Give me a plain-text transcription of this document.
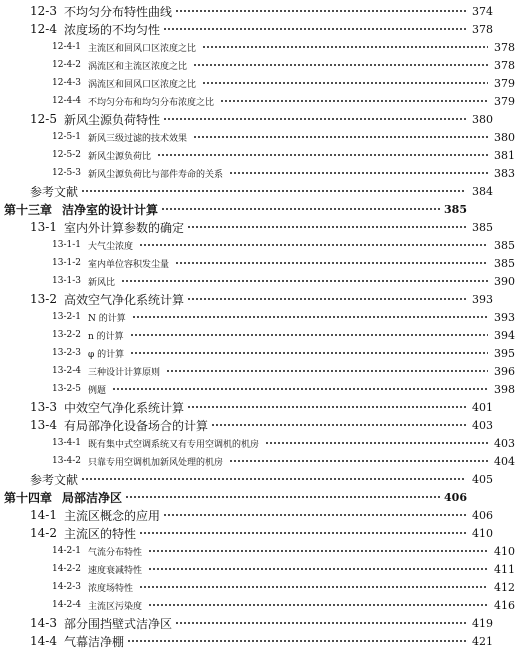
12-3 不均匀分布特性曲线	374
12-4 浓度场的不均匀性	378
12-4-1 主流区和回风口区浓度之比	378
12-4-2 涡流区和主流区浓度之比	378
12-4-3 涡流区和回风口区浓度之比	379
12-4-4 不均匀分布和均匀分布浓度之比	379
12-5 新风尘源负荷特性	380
12-5-1 新风三级过滤的技术效果	380
12-5-2 新风尘源负荷比	381
12-5-3 新风尘源负荷比与部件寿命的关系	383
参考文献	384
第十三章 洁净室的设计计算	385
13-1 室内外计算参数的确定	385
13-1-1 大气尘浓度	385
13-1-2 室内单位容积发尘量	385
13-1-3 新风比	390
13-2 高效空气净化系统计算	393
13-2-1 N 的计算	393
13-2-2 n 的计算	394
13-2-3 φ 的计算	395
13-2-4 三种设计计算原则	396
13-2-5 例题	398
13-3 中效空气净化系统计算	401
13-4 有局部净化设备场合的计算	403
13-4-1 既有集中式空调系统又有专用空调机的机房	403
13-4-2 只靠专用空调机加新风处理的机房	404
参考文献	405
第十四章 局部洁净区	406
14-1 主流区概念的应用	406
14-2 主流区的特性	410
14-2-1 气流分布特性	410
14-2-2 速度衰减特性	411
14-2-3 浓度场特性	412
14-2-4 主流区污染度	416
14-3 部分围挡壁式洁净区	419
14-4 气幕洁净棚	421
